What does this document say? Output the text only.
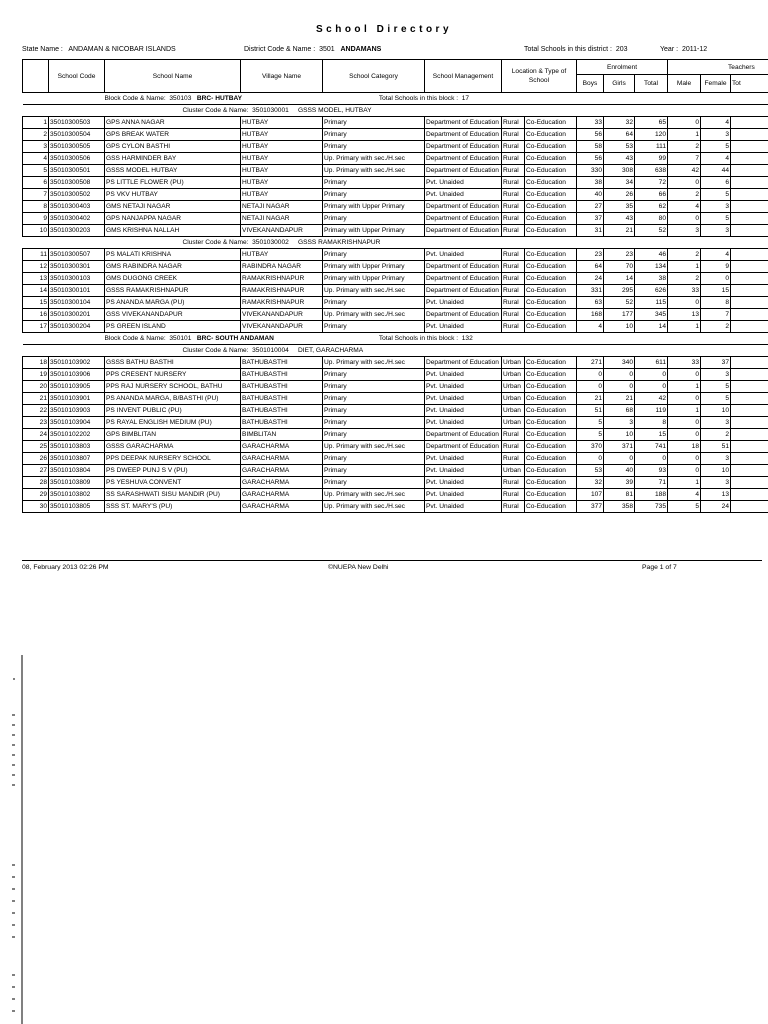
School Directory
State Name : ANDAMAN & NICOBAR ISLANDS	District Code & Name : 3501 ANDAMANS	Total Schools in this district : 203	Year : 2011-12
	School Code	School Name	Village Name	School Category	School Management	Location & Type of School		Enrolment			Teachers		
								Boys	Girls	Total	Male	Female	Tot
Block Code & Name: 350103 BRC- HUTBAY Total Schools in this block : 17													
Cluster Code & Name: 3501030001 GSSS MODEL, HUTBAY													
1	35010300503	GPS ANNA NAGAR	HUTBAY	Primary	Department of Education	Rural	Co-Education	33	32	65	0	4	
2	35010300504	GPS BREAK WATER	HUTBAY	Primary	Department of Education	Rural	Co-Education	56	64	120	1	3	
3	35010300505	GPS CYLON BASTHI	HUTBAY	Primary	Department of Education	Rural	Co-Education	58	53	111	2	5	
4	35010300506	GSS HARMINDER BAY	HUTBAY	Up. Primary with sec./H.sec	Department of Education	Rural	Co-Education	56	43	99	7	4	
5	35010300501	GSSS MODEL HUTBAY	HUTBAY	Up. Primary with sec./H.sec	Department of Education	Rural	Co-Education	330	308	638	42	44	
6	35010300508	PS LITTLE FLOWER (PU)	HUTBAY	Primary	Pvt. Unaided	Rural	Co-Education	38	34	72	0	6	
7	35010300502	PS VKV HUTBAY	HUTBAY	Primary	Pvt. Unaided	Rural	Co-Education	40	26	66	2	5	
8	35010300403	GMS NETAJI NAGAR	NETAJI NAGAR	Primary with Upper Primary	Department of Education	Rural	Co-Education	27	35	62	4	3	
9	35010300402	GPS NANJAPPA NAGAR	NETAJI NAGAR	Primary	Department of Education	Rural	Co-Education	37	43	80	0	5	
10	35010300203	GMS KRISHNA NALLAH	VIVEKANANDAPUR	Primary with Upper Primary	Department of Education	Rural	Co-Education	31	21	52	3	3	
Cluster Code & Name: 3501030002 GSSS RAMAKRISHNAPUR													
11	35010300507	PS MALATI KRISHNA	HUTBAY	Primary	Pvt. Unaided	Rural	Co-Education	23	23	46	2	4	
12	35010300301	GMS RABINDRA NAGAR	RABINDRA NAGAR	Primary with Upper Primary	Department of Education	Rural	Co-Education	64	70	134	1	9	
13	35010300103	GMS DUGONG CREEK	RAMAKRISHNAPUR	Primary with Upper Primary	Department of Education	Rural	Co-Education	24	14	38	2	0	
14	35010300101	GSSS RAMAKRISHNAPUR	RAMAKRISHNAPUR	Up. Primary with sec./H.sec	Department of Education	Rural	Co-Education	331	295	626	33	15	
15	35010300104	PS ANANDA MARGA (PU)	RAMAKRISHNAPUR	Primary	Pvt. Unaided	Rural	Co-Education	63	52	115	0	8	
16	35010300201	GSS VIVEKANANDAPUR	VIVEKANANDAPUR	Up. Primary with sec./H.sec	Department of Education	Rural	Co-Education	168	177	345	13	7	
17	35010300204	PS GREEN ISLAND	VIVEKANANDAPUR	Primary	Pvt. Unaided	Rural	Co-Education	4	10	14	1	2	
Block Code & Name: 350101 BRC- SOUTH ANDAMAN Total Schools in this block : 132													
Cluster Code & Name: 3501010004 DIET, GARACHARMA													
18	35010103902	GSSS BATHU BASTHI	BATHUBASTHI	Up. Primary with sec./H.sec	Department of Education	Urban	Co-Education	271	340	611	33	37	
19	35010103906	PPS CRESENT NURSERY	BATHUBASTHI	Primary	Pvt. Unaided	Urban	Co-Education	0	0	0	0	3	
20	35010103905	PPS RAJ NURSERY SCHOOL, BATHU	BATHUBASTHI	Primary	Pvt. Unaided	Urban	Co-Education	0	0	0	1	5	
21	35010103901	PS ANANDA MARGA, B/BASTHI (PU)	BATHUBASTHI	Primary	Pvt. Unaided	Urban	Co-Education	21	21	42	0	5	
22	35010103903	PS INVENT PUBLIC (PU)	BATHUBASTHI	Primary	Pvt. Unaided	Urban	Co-Education	51	68	119	1	10	
23	35010103904	PS RAYAL ENGLISH MEDIUM (PU)	BATHUBASTHI	Primary	Pvt. Unaided	Urban	Co-Education	5	3	8	0	3	
24	35010102202	GPS BIMBLITAN	BIMBLITAN	Primary	Department of Education	Rural	Co-Education	5	10	15	0	2	
25	35010103803	GSSS GARACHARMA	GARACHARMA	Up. Primary with sec./H.sec	Department of Education	Rural	Co-Education	370	371	741	18	51	
26	35010103807	PPS DEEPAK NURSERY SCHOOL	GARACHARMA	Primary	Pvt. Unaided	Rural	Co-Education	0	0	0	0	3	
27	35010103804	PS DWEEP PUNJ S V (PU)	GARACHARMA	Primary	Pvt. Unaided	Urban	Co-Education	53	40	93	0	10	
28	35010103809	PS YESHUVA CONVENT	GARACHARMA	Primary	Pvt. Unaided	Rural	Co-Education	32	39	71	1	3	
29	35010103802	SS SARASHWATI SISU MANDIR (PU)	GARACHARMA	Up. Primary with sec./H.sec	Pvt. Unaided	Rural	Co-Education	107	81	188	4	13	
30	35010103805	SSS ST. MARY'S (PU)	GARACHARMA	Up. Primary with sec./H.sec	Pvt. Unaided	Rural	Co-Education	377	358	735	5	24	
08, February 2013 02:26 PM	©NUEPA New Delhi	Page 1 of 7
